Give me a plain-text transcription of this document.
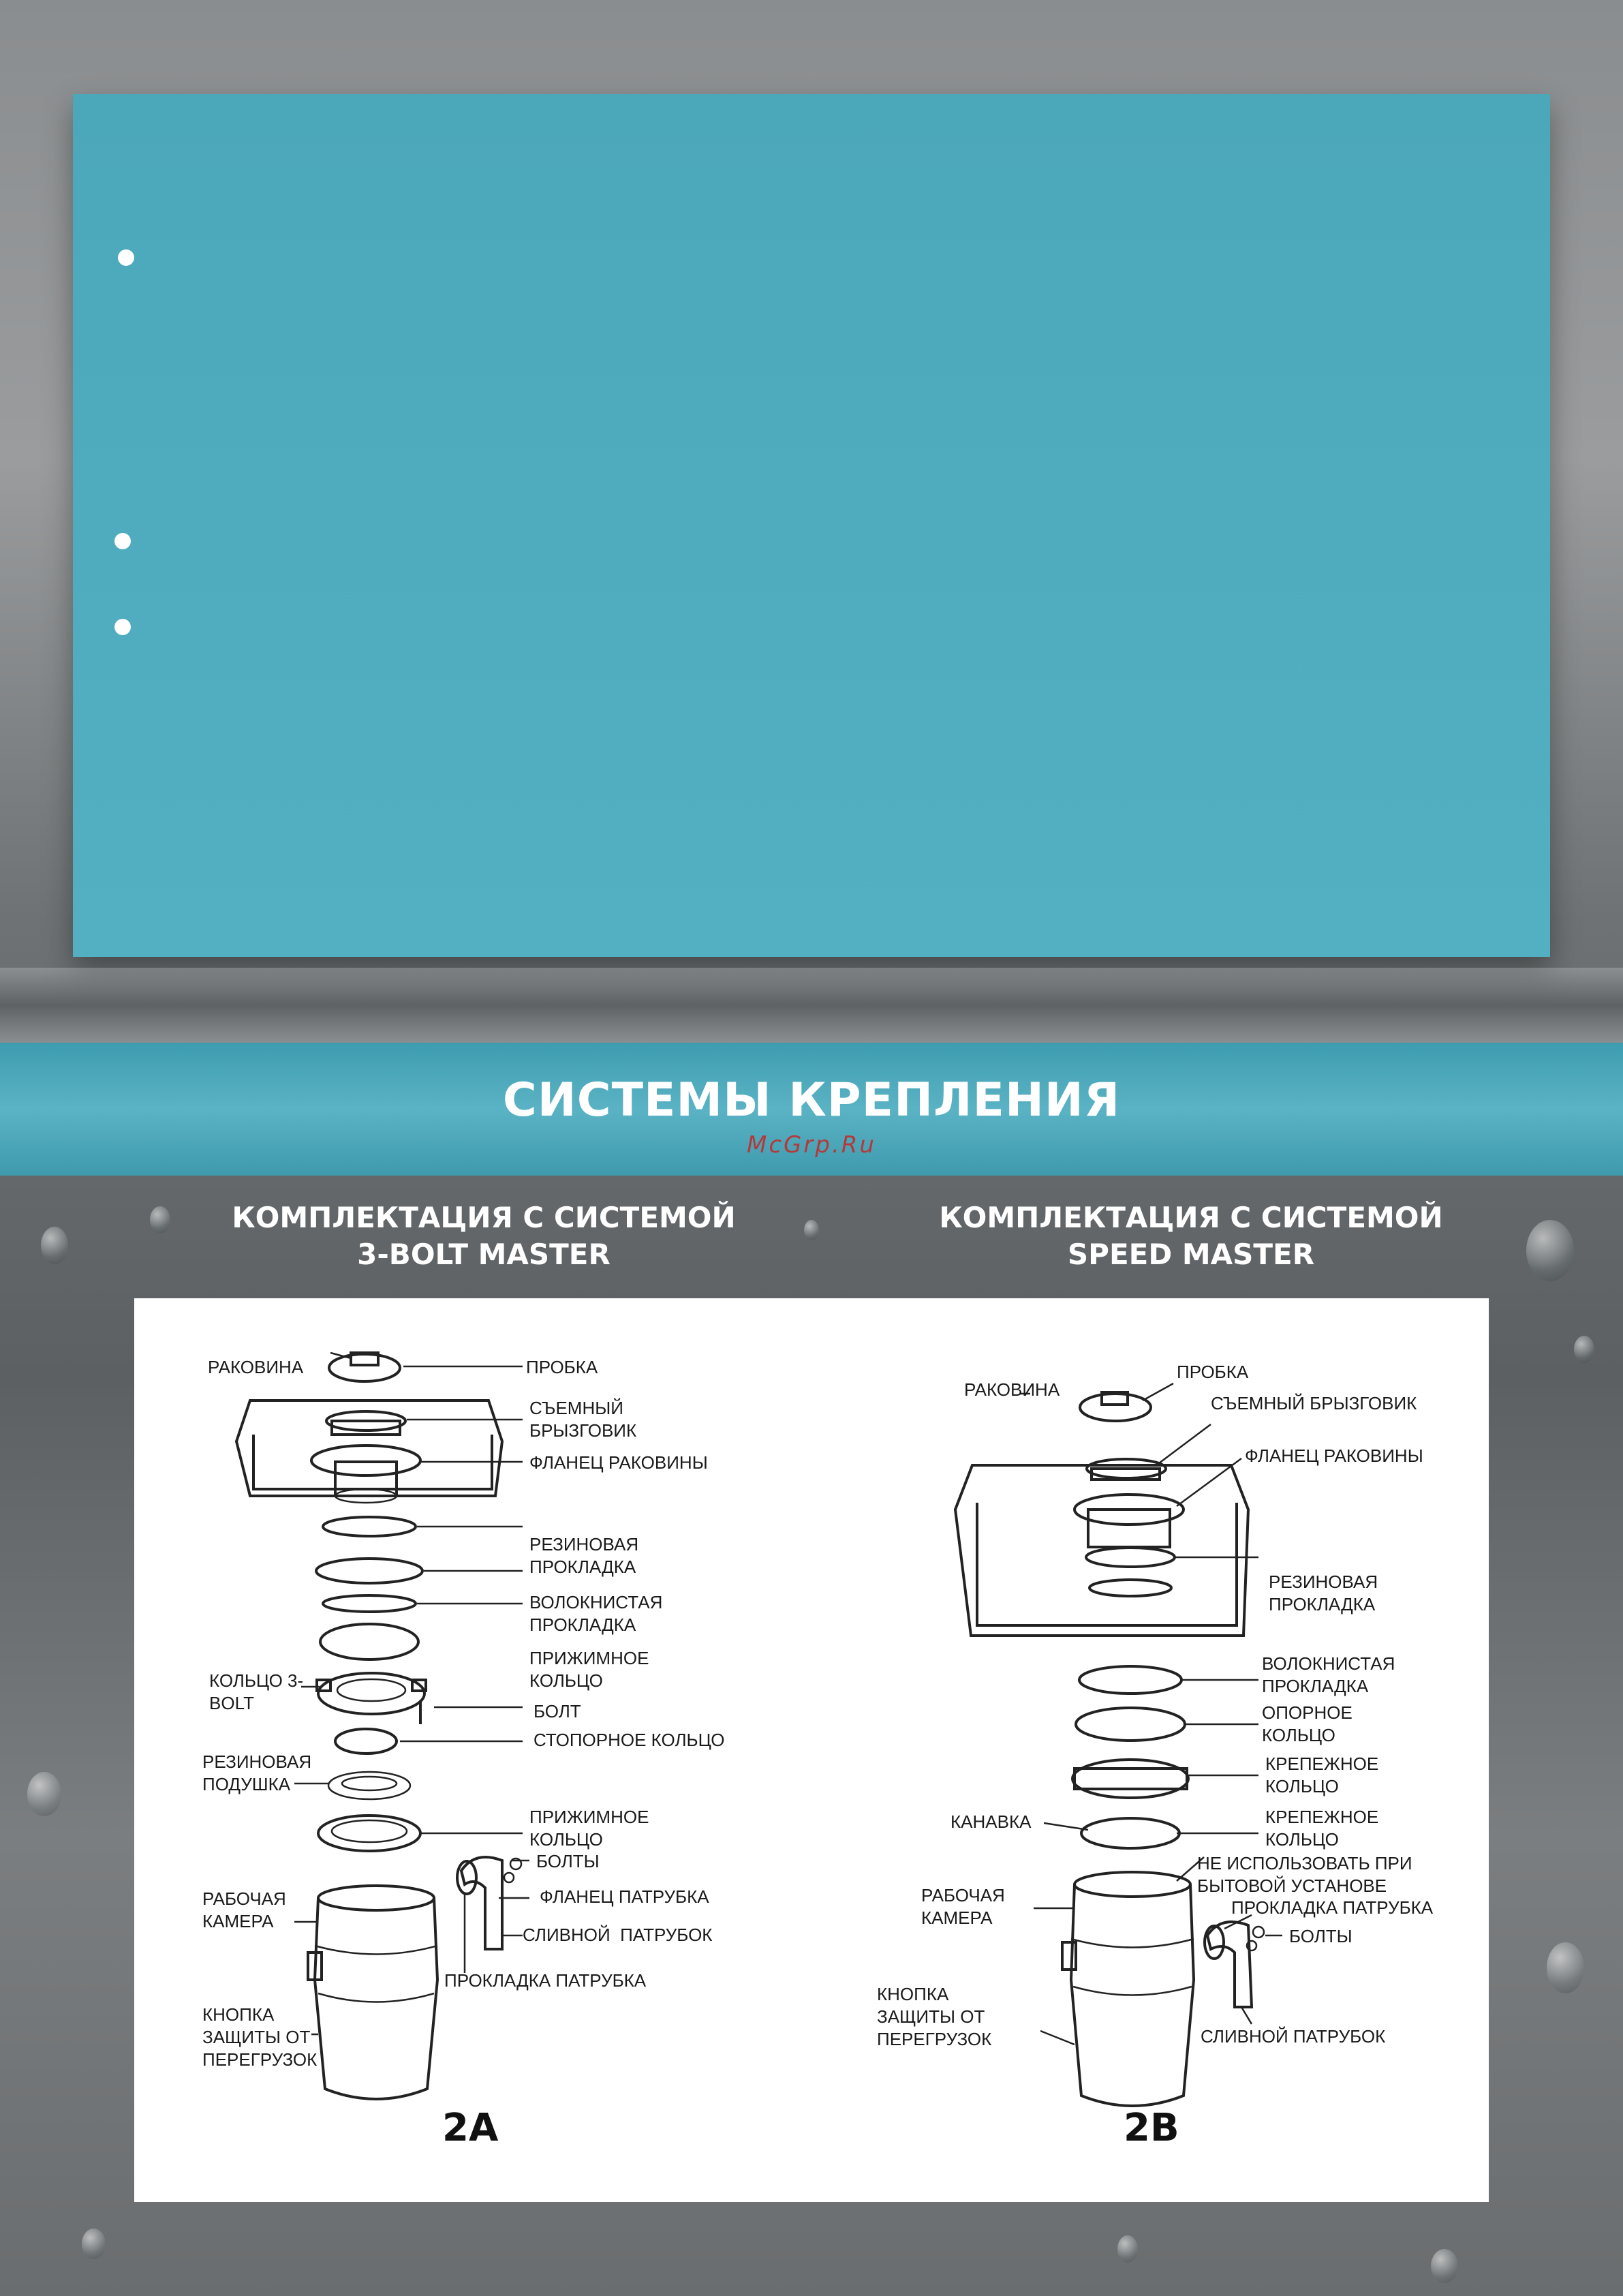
СИСТЕМЫ КРЕПЛЕНИЯ
McGrp.Ru
КОМПЛЕКТАЦИЯ С СИСТЕМОЙ
3-BOLT MASTER
КОМПЛЕКТАЦИЯ С СИСТЕМОЙ
SPEED MASTER
РАКОВИНА	ПРОБКА
СЪЕМНЫЙ
БРЫЗГОВИК
ФЛАНЕЦ РАКОВИНЫ
РЕЗИНОВАЯ
ПРОКЛАДКА
ВОЛОКНИСТАЯ
ПРОКЛАДКА
ПРИЖИМНОЕ
КОЛЬЦО
КОЛЬЦО 3-
BOLT	БОЛТ
СТОПОРНОЕ КОЛЬЦО
РЕЗИНОВАЯ
ПОДУШКА
ПРИЖИМНОЕ
КОЛЬЦО
БОЛТЫ
ФЛАНЕЦ ПАТРУБКА
РАБОЧАЯ
КАМЕРА
СЛИВНОЙ  ПАТРУБОК
ПРОКЛАДКА ПАТРУБКА
КНОПКА
ЗАЩИТЫ ОТ
ПЕРЕГРУЗОК
ПРОБКА
РАКОВИНА
СЪЕМНЫЙ БРЫЗГОВИК
ФЛАНЕЦ РАКОВИНЫ
РЕЗИНОВАЯ
ПРОКЛАДКА
ВОЛОКНИСТАЯ
ПРОКЛАДКА
ОПОРНОЕ
КОЛЬЦО
КРЕПЕЖНОЕ
КОЛЬЦО
КАНАВКА	КРЕПЕЖНОЕ
КОЛЬЦО
НЕ ИСПОЛЬЗОВАТЬ ПРИ
БЫТОВОЙ УСТАНОВЕ
РАБОЧАЯ
КАМЕРА	ПРОКЛАДКА ПАТРУБКА
БОЛТЫ
КНОПКА
ЗАЩИТЫ ОТ
ПЕРЕГРУЗОК	СЛИВНОЙ ПАТРУБОК
2А	2В
